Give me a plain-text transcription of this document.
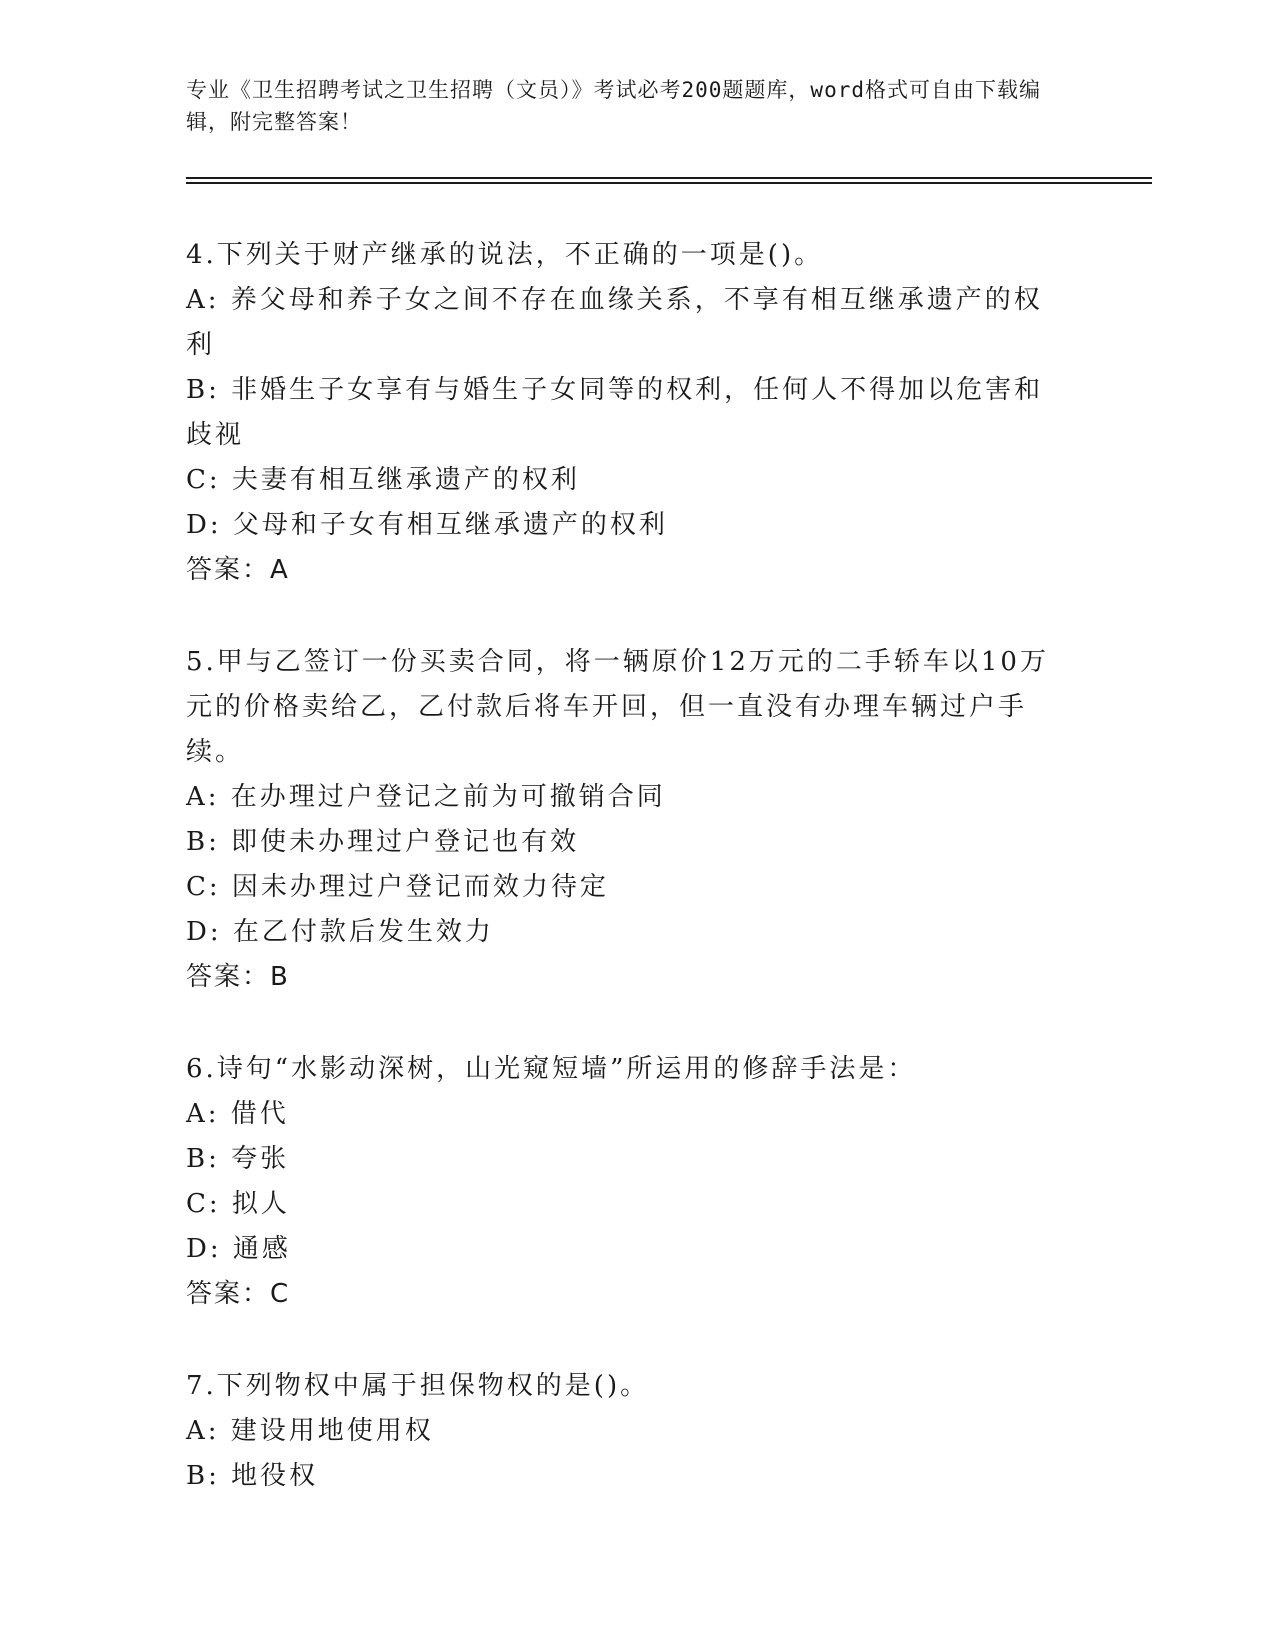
专业《卫生招聘考试之卫生招聘（文员）》考试必考200题题库，word格式可自由下载编辑，附完整答案！
4.下列关于财产继承的说法，不正确的一项是()。
A: 养父母和养子女之间不存在血缘关系，不享有相互继承遗产的权利
B: 非婚生子女享有与婚生子女同等的权利，任何人不得加以危害和歧视
C: 夫妻有相互继承遗产的权利
D: 父母和子女有相互继承遗产的权利
答案：A
5.甲与乙签订一份买卖合同，将一辆原价12万元的二手轿车以10万元的价格卖给乙，乙付款后将车开回，但一直没有办理车辆过户手续。
A: 在办理过户登记之前为可撤销合同
B: 即使未办理过户登记也有效
C: 因未办理过户登记而效力待定
D: 在乙付款后发生效力
答案：B
6.诗句“水影动深树，山光窥短墙”所运用的修辞手法是：
A: 借代
B: 夸张
C: 拟人
D: 通感
答案：C
7.下列物权中属于担保物权的是()。
A: 建设用地使用权
B: 地役权
